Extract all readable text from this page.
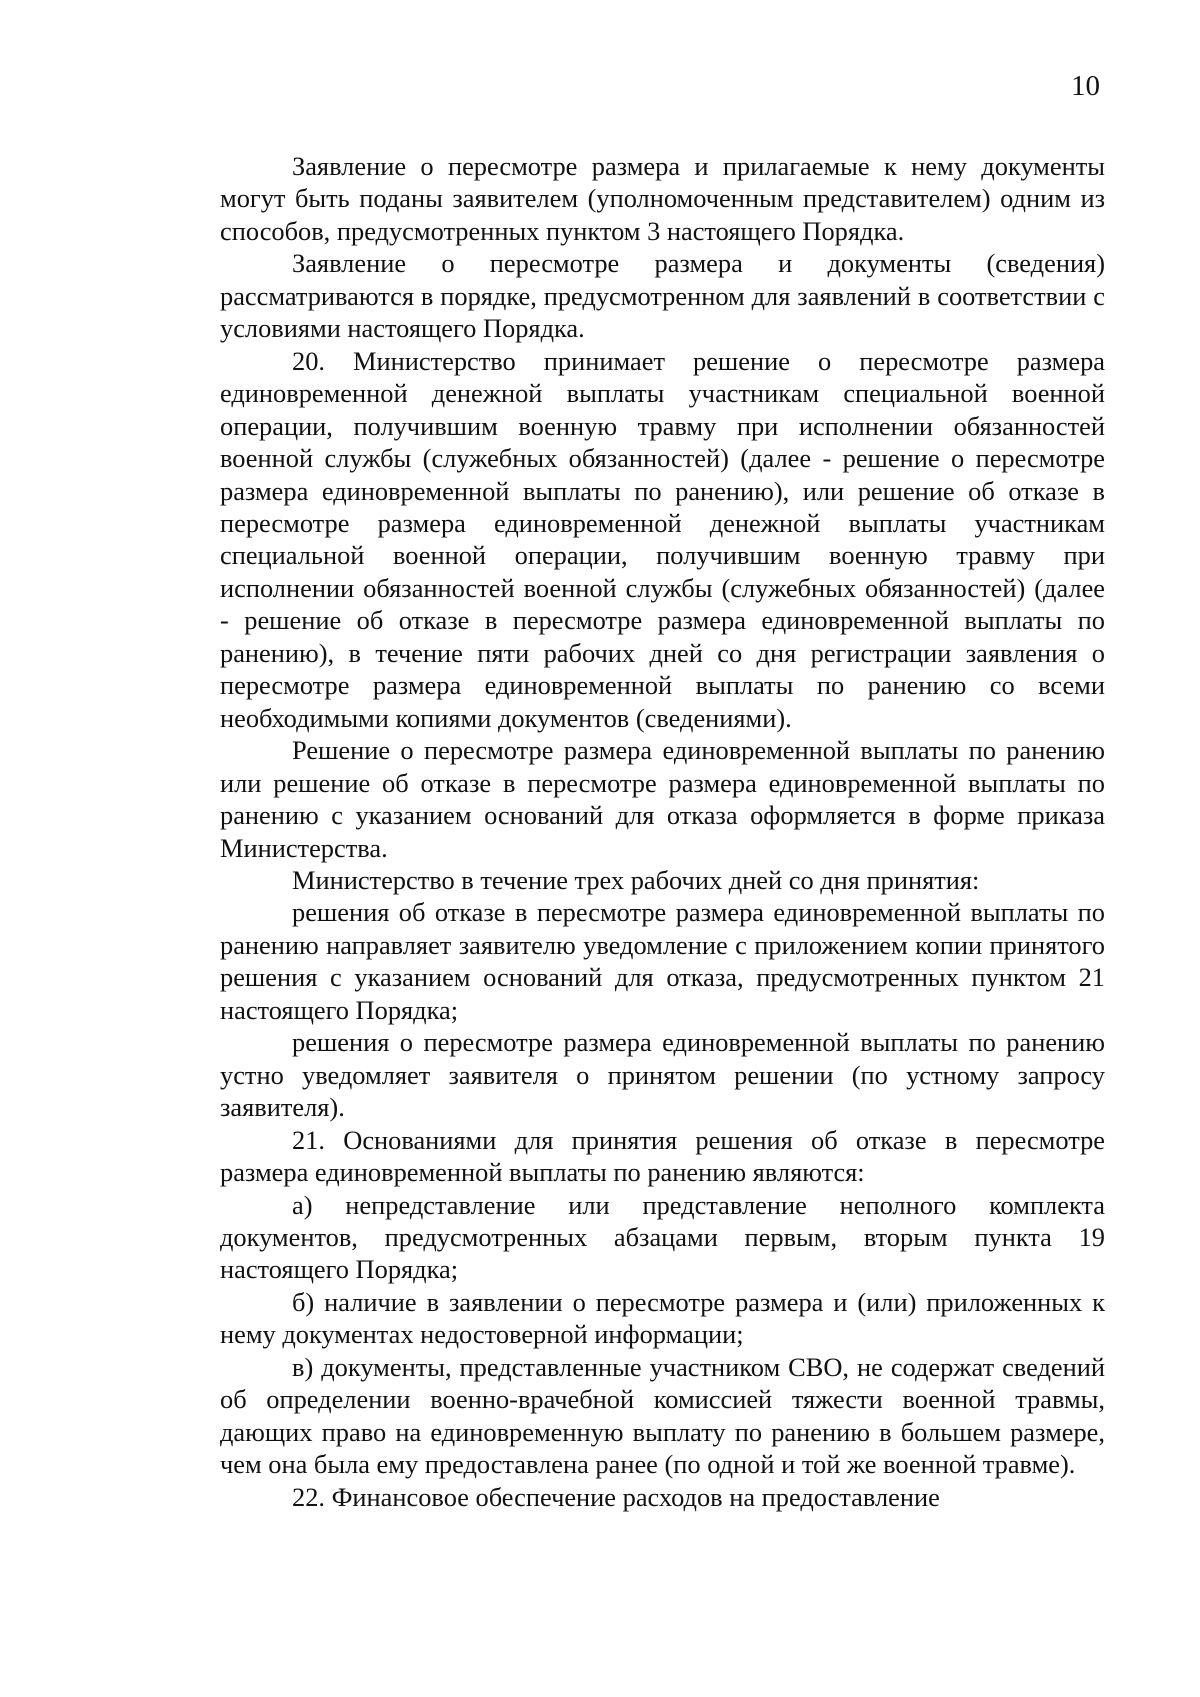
10

Заявление о пересмотре размера и прилагаемые к нему документы могут быть поданы заявителем (уполномоченным представителем) одним из способов, предусмотренных пунктом 3 настоящего Порядка.

Заявление о пересмотре размера и документы (сведения) рассматриваются в порядке, предусмотренном для заявлений в соответствии с условиями настоящего Порядка.

20. Министерство принимает решение о пересмотре размера единовременной денежной выплаты участникам специальной военной операции, получившим военную травму при исполнении обязанностей военной службы (служебных обязанностей) (далее - решение о пересмотре размера единовременной выплаты по ранению), или решение об отказе в пересмотре размера единовременной денежной выплаты участникам специальной военной операции, получившим военную травму при исполнении обязанностей военной службы (служебных обязанностей) (далее - решение об отказе в пересмотре размера единовременной выплаты по ранению), в течение пяти рабочих дней со дня регистрации заявления о пересмотре размера единовременной выплаты по ранению со всеми необходимыми копиями документов (сведениями).

Решение о пересмотре размера единовременной выплаты по ранению или решение об отказе в пересмотре размера единовременной выплаты по ранению с указанием оснований для отказа оформляется в форме приказа Министерства.

Министерство в течение трех рабочих дней со дня принятия:

решения об отказе в пересмотре размера единовременной выплаты по ранению направляет заявителю уведомление с приложением копии принятого решения с указанием оснований для отказа, предусмотренных пунктом 21 настоящего Порядка;

решения о пересмотре размера единовременной выплаты по ранению устно уведомляет заявителя о принятом решении (по устному запросу заявителя).

21. Основаниями для принятия решения об отказе в пересмотре размера единовременной выплаты по ранению являются:

а) непредставление или представление неполного комплекта документов, предусмотренных абзацами первым, вторым пункта 19 настоящего Порядка;

б) наличие в заявлении о пересмотре размера и (или) приложенных к нему документах недостоверной информации;

в) документы, представленные участником СВО, не содержат сведений об определении военно-врачебной комиссией тяжести военной травмы, дающих право на единовременную выплату по ранению в большем размере, чем она была ему предоставлена ранее (по одной и той же военной травме).

22. Финансовое обеспечение расходов на предоставление
